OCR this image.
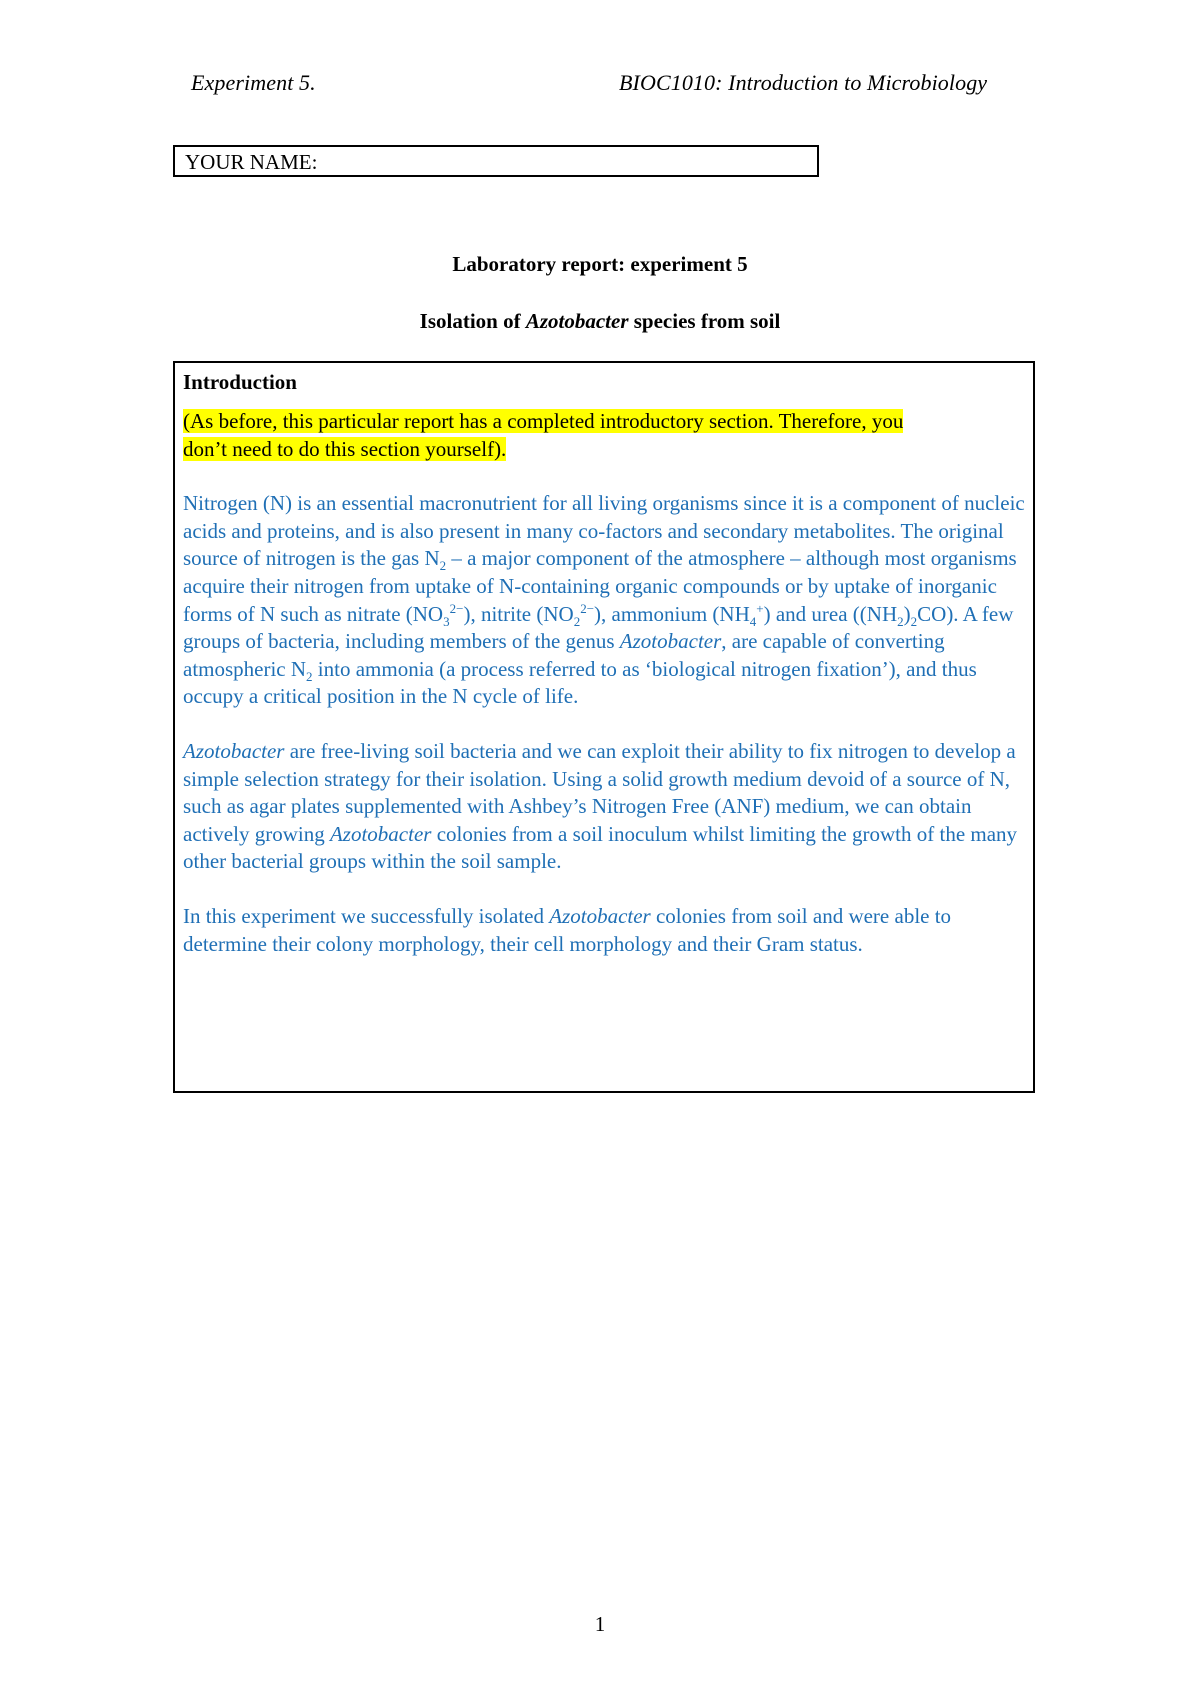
Experiment 5.	BIOC1010: Introduction to Microbiology
YOUR NAME:
Laboratory report: experiment 5
Isolation of Azotobacter species from soil
Introduction
(As before, this particular report has a completed introductory section. Therefore, you
don’t need to do this section yourself).
Nitrogen (N) is an essential macronutrient for all living organisms since it is a component of nucleic acids and proteins, and is also present in many co-factors and secondary metabolites. The original source of nitrogen is the gas $N_2$ – a major component of the atmosphere – although most organisms acquire their nitrogen from uptake of N-containing organic compounds or by uptake of inorganic forms of N such as nitrate $(NO_3^{2-})$, nitrite $(NO_2^{2-})$, ammonium $(NH_4^+)$ and urea $((NH_2)_2CO)$. A few groups of bacteria, including members of the genus Azotobacter, are capable of converting atmospheric $N_2$ into ammonia (a process referred to as ‘biological nitrogen fixation’), and thus occupy a critical position in the N cycle of life.
Azotobacter are free-living soil bacteria and we can exploit their ability to fix nitrogen to develop a simple selection strategy for their isolation. Using a solid growth medium devoid of a source of N, such as agar plates supplemented with Ashbey’s Nitrogen Free (ANF) medium, we can obtain actively growing Azotobacter colonies from a soil inoculum whilst limiting the growth of the many other bacterial groups within the soil sample.
In this experiment we successfully isolated Azotobacter colonies from soil and were able to determine their colony morphology, their cell morphology and their Gram status.
1
